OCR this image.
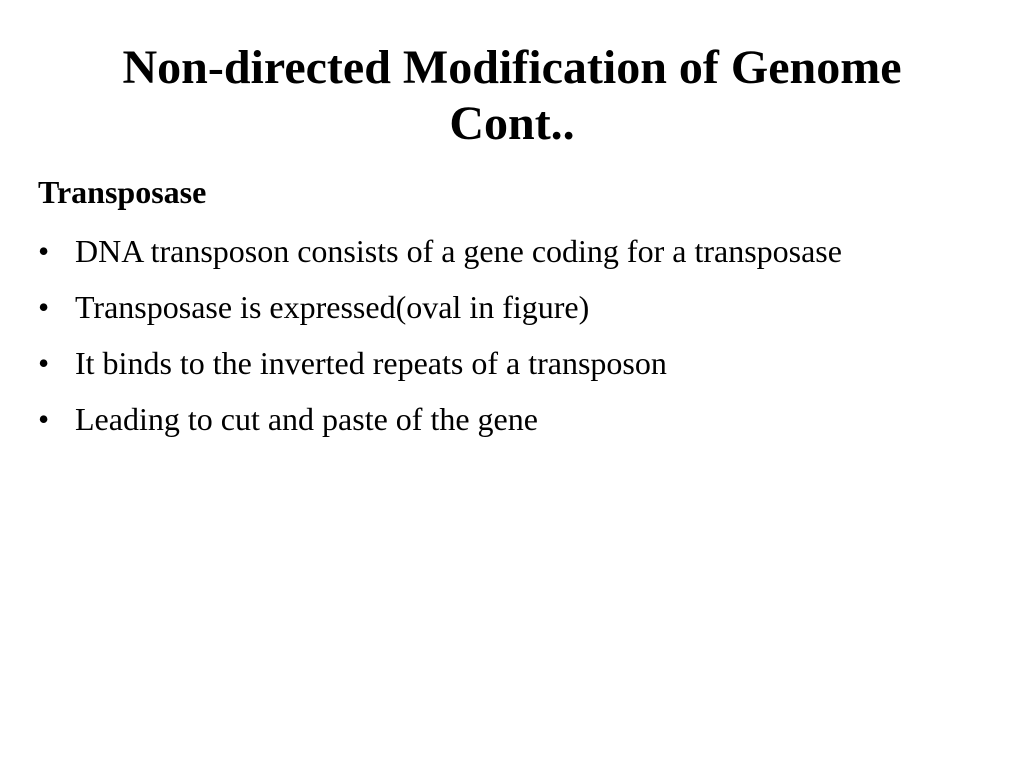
Non-directed Modification of Genome
Cont..
Transposase
• DNA transposon consists of a gene coding for a transposase
• Transposase is expressed(oval in figure)
• It binds to the inverted repeats of a transposon
• Leading to cut and paste of the gene
